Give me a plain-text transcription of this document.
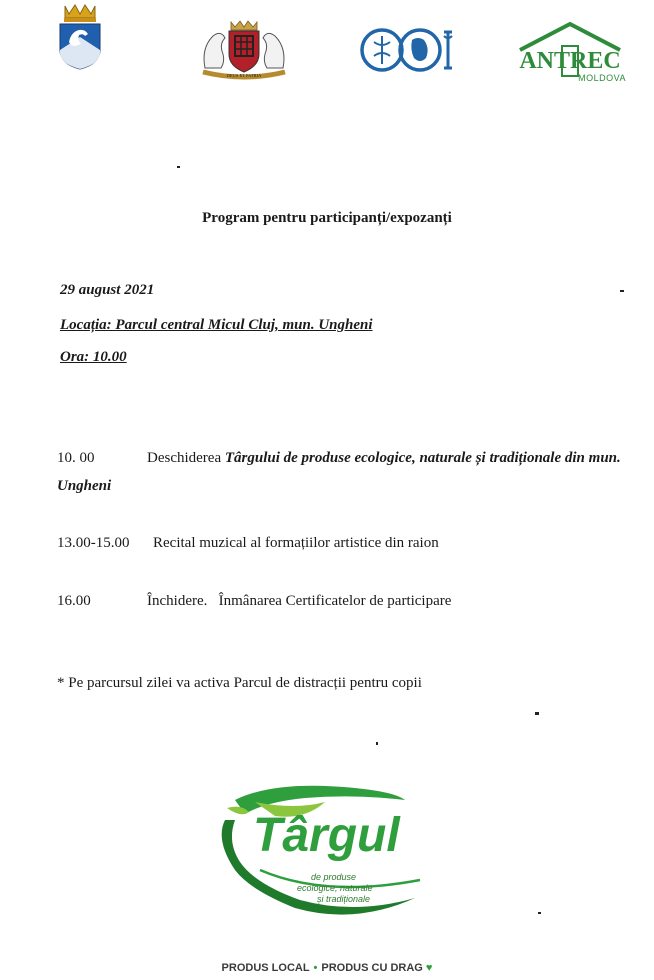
DEUS ET PATRIA
ANTREC
MOLDOVA
Program pentru participanți/expozanți
29 august 2021
Locația: Parcul central Micul Cluj, mun. Ungheni
Ora: 10.00
10. 00	Deschiderea Târgului de produse ecologice, naturale și tradiționale din mun. Ungheni
13.00-15.00 Recital muzical al formațiilor artistice din raion
16.00	Închidere.   Înmânarea Certificatelor de participare
* Pe parcursul zilei va activa Parcul de distracții pentru copii
Târgul
de produse
ecologice, naturale
și tradiționale
PRODUS LOCAL • PRODUS CU DRAG ♥
